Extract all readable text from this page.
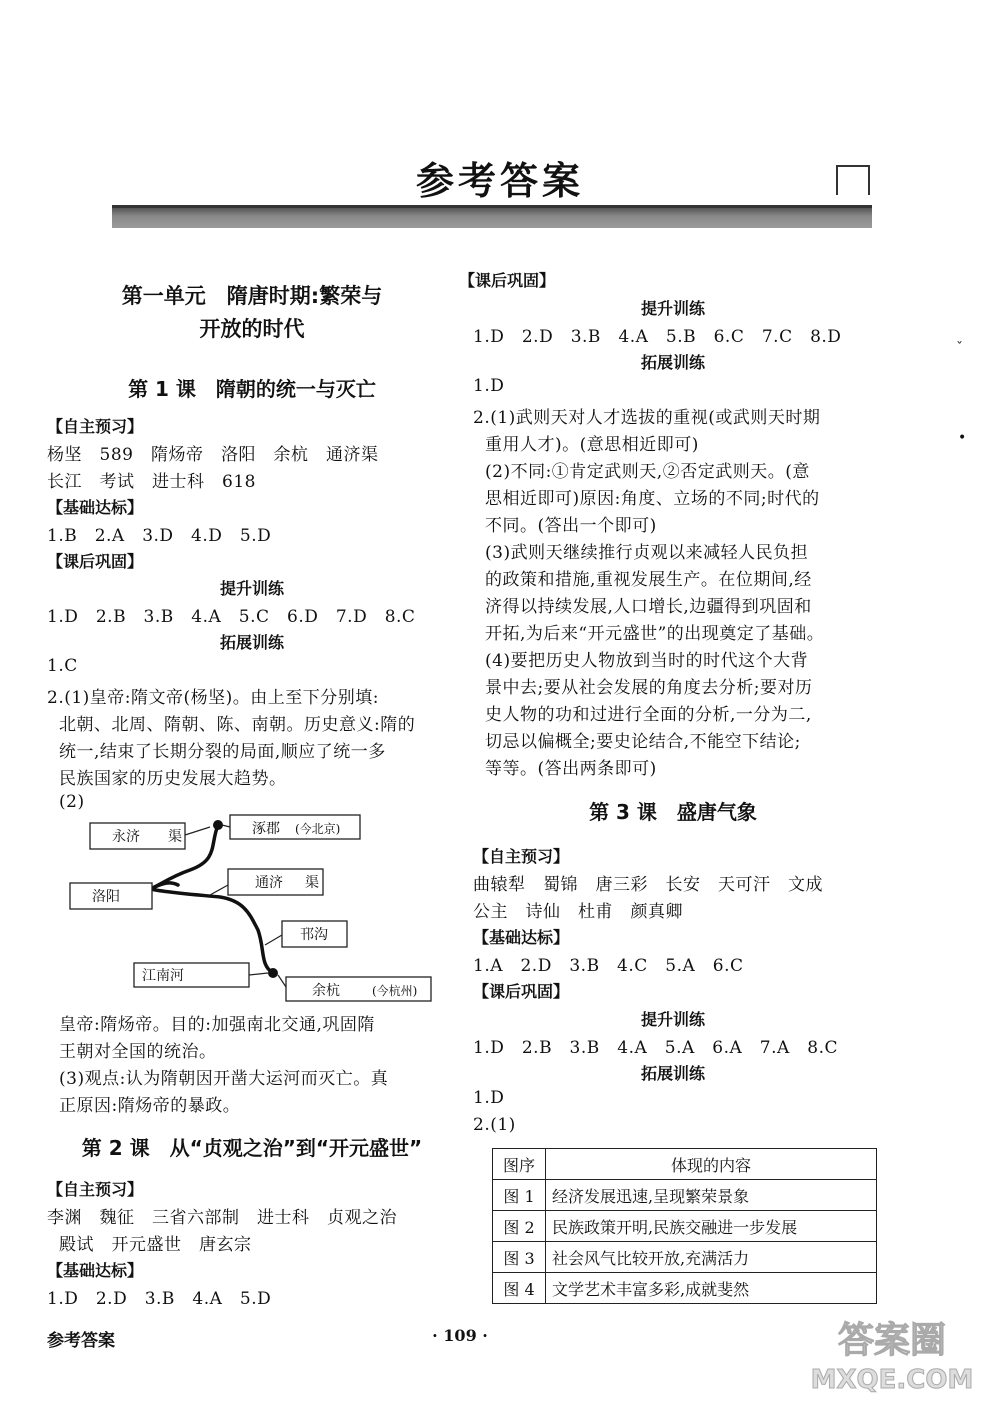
参考答案
第一单元　隋唐时期:繁荣与
开放的时代
第 1 课　隋朝的统一与灭亡
【自主预习】
杨坚　589　隋炀帝　洛阳　余杭　通济渠
长江　考试　进士科　618
【基础达标】
1.B　2.A　3.D　4.D　5.D
【课后巩固】
提升训练
1.D　2.B　3.B　4.A　5.C　6.D　7.D　8.C
拓展训练
1.C
2.(1)皇帝:隋文帝(杨坚)。由上至下分别填:
北朝、北周、隋朝、陈、南朝。历史意义:隋的
统一,结束了长期分裂的局面,顺应了统一多
民族国家的历史发展大趋势。
(2)
皇帝:隋炀帝。目的:加强南北交通,巩固隋
王朝对全国的统治。
(3)观点:认为隋朝因开凿大运河而灭亡。真
正原因:隋炀帝的暴政。
第 2 课　从“贞观之治”到“开元盛世”
【自主预习】
李渊　魏征　三省六部制　进士科　贞观之治
殿试　开元盛世　唐玄宗
【基础达标】
1.D　2.D　3.B　4.A　5.D
永济 渠	涿郡 (今北京)
洛阳
通济 渠
邗沟
江南河
余杭	(今杭州)
【课后巩固】
提升训练
1.D　2.D　3.B　4.A　5.B　6.C　7.C　8.D
拓展训练
1.D
2.(1)武则天对人才选拔的重视(或武则天时期
重用人才)。(意思相近即可)
(2)不同:①肯定武则天,②否定武则天。(意
思相近即可)原因:角度、立场的不同;时代的
不同。(答出一个即可)
(3)武则天继续推行贞观以来减轻人民负担
的政策和措施,重视发展生产。在位期间,经
济得以持续发展,人口增长,边疆得到巩固和
开拓,为后来“开元盛世”的出现奠定了基础。
(4)要把历史人物放到当时的时代这个大背
景中去;要从社会发展的角度去分析;要对历
史人物的功和过进行全面的分析,一分为二,
切忌以偏概全;要史论结合,不能空下结论;
等等。(答出两条即可)
第 3 课　盛唐气象
【自主预习】
曲辕犁　蜀锦　唐三彩　长安　天可汗　文成
公主　诗仙　杜甫　颜真卿
【基础达标】
1.A　2.D　3.B　4.C　5.A　6.C
【课后巩固】
提升训练
1.D　2.B　3.B　4.A　5.A　6.A　7.A　8.C
拓展训练
1.D
2.(1)
图序	体现的内容
图 1	经济发展迅速,呈现繁荣景象
图 2	民族政策开明,民族交融进一步发展
图 3	社会风气比较开放,充满活力
图 4	文学艺术丰富多彩,成就斐然
ˇ
•
参考答案	· 109 ·	答案圈
MXQE.COM
